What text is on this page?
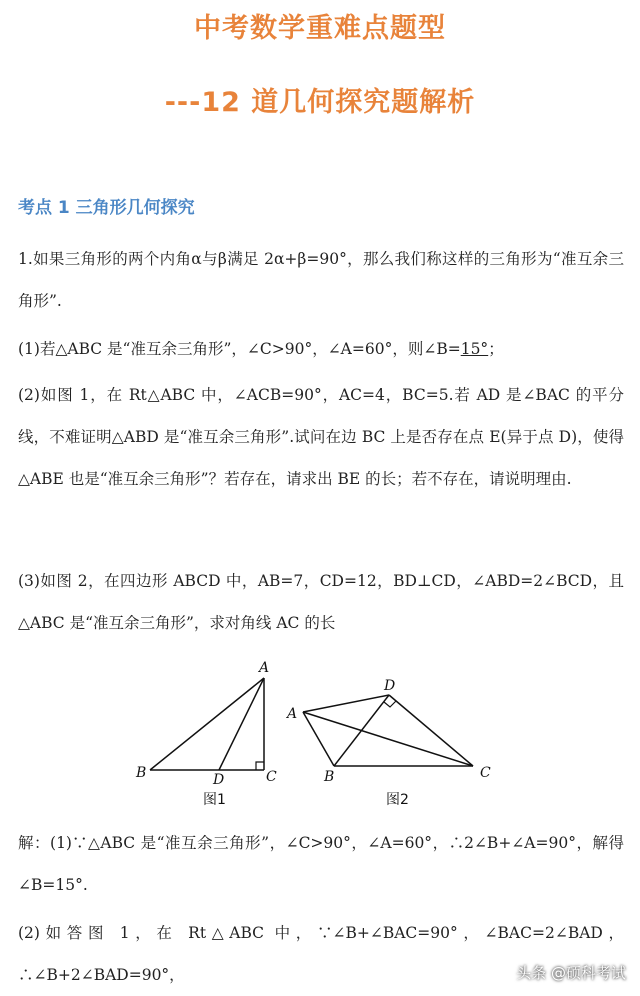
中考数学重难点题型
---12 道几何探究题解析
考点 1 三角形几何探究

1.如果三角形的两个内角α与β满足 2α+β=90°，那么我们称这样的三角形为“准互余三角形”.

(1)若△ABC 是“准互余三角形”，∠C>90°，∠A=60°，则∠B=15°；

(2)如图 1，在 Rt△ABC 中，∠ACB=90°，AC=4，BC=5.若 AD 是∠BAC 的平分线，不难证明△ABD 是“准互余三角形”.试问在边 BC 上是否存在点 E(异于点 D)，使得△ABE 也是“准互余三角形”？若存在，请求出 BE 的长；若不存在，请说明理由.

(3)如图 2，在四边形 ABCD 中，AB=7，CD=12，BD⊥CD，∠ABD=2∠BCD，且△ABC 是“准互余三角形”，求对角线 AC 的长

A
B	C
D
图1
A
B	C
D
图2

解：(1)∵△ABC 是“准互余三角形”，∠C>90°，∠A=60°，∴2∠B+∠A=90°，解得∠B=15°.

(2)如答图 1，在 Rt△ABC 中，∵∠B+∠BAC=90°，∠BAC=2∠BAD，∴∠B+2∠BAD=90°，	头条 @硕科考试
